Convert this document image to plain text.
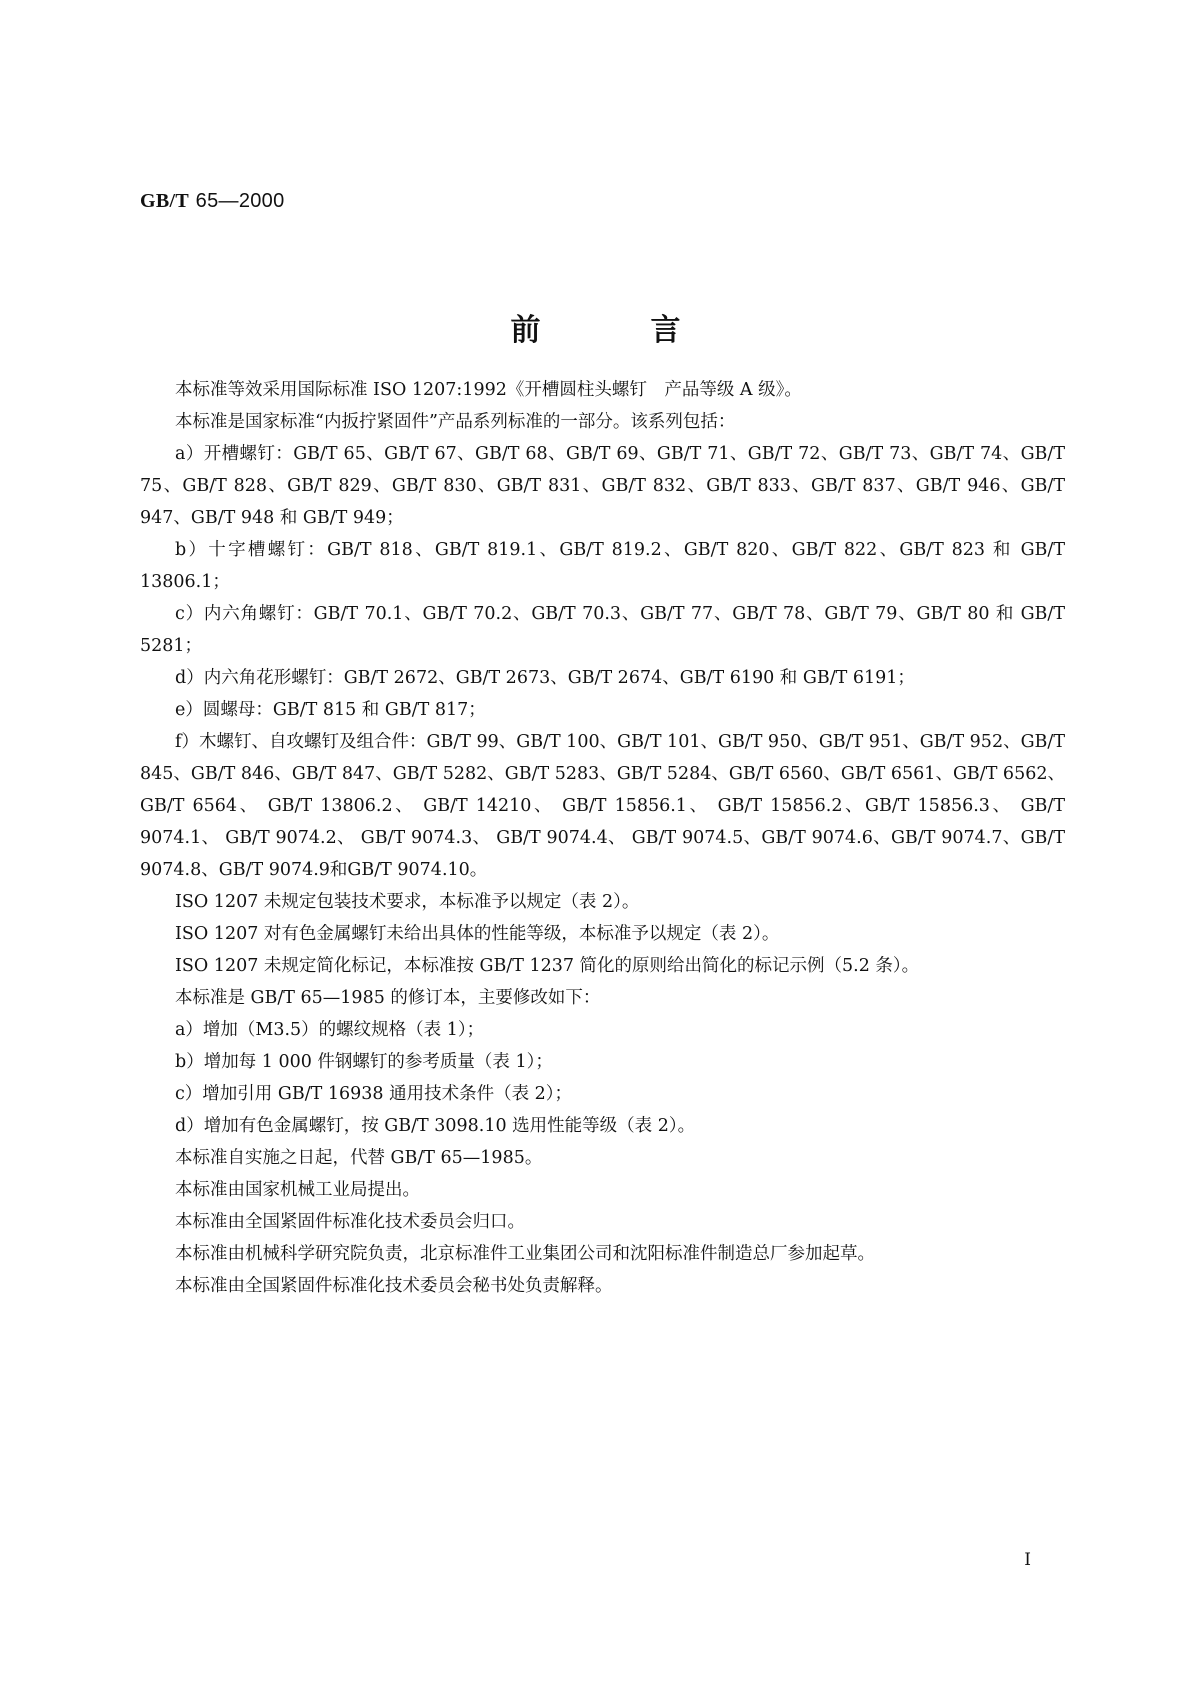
GB/T 65—2000
前言

本标准等效采用国际标准 ISO 1207:1992《开槽圆柱头螺钉　产品等级 A 级》。

本标准是国家标准“内扳拧紧固件”产品系列标准的一部分。该系列包括：

a）开槽螺钉：GB/T 65、GB/T 67、GB/T 68、GB/T 69、GB/T 71、GB/T 72、GB/T 73、GB/T 74、GB/T 75、GB/T 828、GB/T 829、GB/T 830、GB/T 831、GB/T 832、GB/T 833、GB/T 837、GB/T 946、GB/T 947、GB/T 948 和 GB/T 949；

b）十字槽螺钉：GB/T 818、GB/T 819.1、GB/T 819.2、GB/T 820、GB/T 822、GB/T 823 和 GB/T 13806.1；

c）内六角螺钉：GB/T 70.1、GB/T 70.2、GB/T 70.3、GB/T 77、GB/T 78、GB/T 79、GB/T 80 和 GB/T 5281；

d）内六角花形螺钉：GB/T 2672、GB/T 2673、GB/T 2674、GB/T 6190 和 GB/T 6191；

e）圆螺母：GB/T 815 和 GB/T 817；

f）木螺钉、自攻螺钉及组合件：GB/T 99、GB/T 100、GB/T 101、GB/T 950、GB/T 951、GB/T 952、GB/T 845、GB/T 846、GB/T 847、GB/T 5282、GB/T 5283、GB/T 5284、GB/T 6560、GB/T 6561、GB/T 6562、 GB/T 6564、 GB/T 13806.2、 GB/T 14210、 GB/T 15856.1、 GB/T 15856.2、GB/T 15856.3、 GB/T 9074.1、 GB/T 9074.2、 GB/T 9074.3、 GB/T 9074.4、 GB/T 9074.5、GB/T 9074.6、GB/T 9074.7、GB/T 9074.8、GB/T 9074.9和GB/T 9074.10。

ISO 1207 未规定包装技术要求，本标准予以规定（表 2）。

ISO 1207 对有色金属螺钉未给出具体的性能等级，本标准予以规定（表 2）。

ISO 1207 未规定简化标记，本标准按 GB/T 1237 简化的原则给出简化的标记示例（5.2 条）。

本标准是 GB/T 65—1985 的修订本，主要修改如下：

a）增加（M3.5）的螺纹规格（表 1）；

b）增加每 1 000 件钢螺钉的参考质量（表 1）；

c）增加引用 GB/T 16938 通用技术条件（表 2）；

d）增加有色金属螺钉，按 GB/T 3098.10 选用性能等级（表 2）。

本标准自实施之日起，代替 GB/T 65—1985。

本标准由国家机械工业局提出。

本标准由全国紧固件标准化技术委员会归口。

本标准由机械科学研究院负责，北京标准件工业集团公司和沈阳标准件制造总厂参加起草。

本标准由全国紧固件标准化技术委员会秘书处负责解释。

I
